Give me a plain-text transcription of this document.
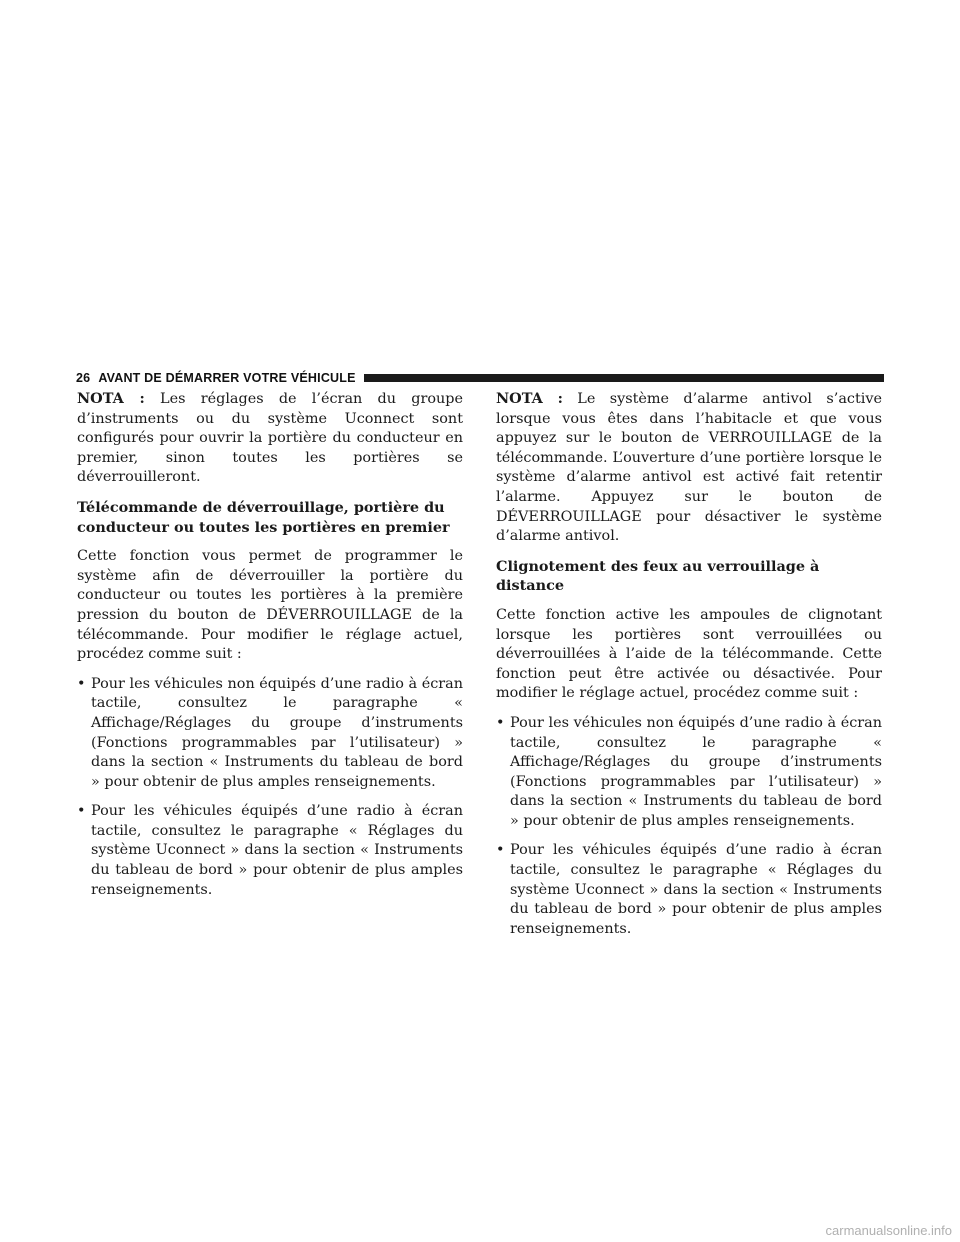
26 AVANT DE DÉMARRER VOTRE VÉHICULE

NOTA : Les réglages de l’écran du groupe d’instruments ou du système Uconnect sont configurés pour ouvrir la portière du conducteur en premier, sinon toutes les portières se déverrouilleront.

Télécommande de déverrouillage, portière du conducteur ou toutes les portières en premier

Cette fonction vous permet de programmer le système afin de déverrouiller la portière du conducteur ou toutes les portières à la première pression du bouton de DÉVERROUILLAGE de la télécommande. Pour modifier le réglage actuel, procédez comme suit :

• Pour les véhicules non équipés d’une radio à écran tactile, consultez le paragraphe « Affichage/Réglages du groupe d’instruments (Fonctions programmables par l’utilisateur) » dans la section « Instruments du tableau de bord » pour obtenir de plus amples renseignements.
• Pour les véhicules équipés d’une radio à écran tactile, consultez le paragraphe « Réglages du système Uconnect » dans la section « Instruments du tableau de bord » pour obtenir de plus amples renseignements.

NOTA : Le système d’alarme antivol s’active lorsque vous êtes dans l’habitacle et que vous appuyez sur le bouton de VERROUILLAGE de la télécommande. L’ouverture d’une portière lorsque le système d’alarme antivol est activé fait retentir l’alarme. Appuyez sur le bouton de DÉVERROUILLAGE pour désactiver le système d’alarme antivol.

Clignotement des feux au verrouillage à distance

Cette fonction active les ampoules de clignotant lorsque les portières sont verrouillées ou déverrouillées à l’aide de la télécommande. Cette fonction peut être activée ou désactivée. Pour modifier le réglage actuel, procédez comme suit :

• Pour les véhicules non équipés d’une radio à écran tactile, consultez le paragraphe « Affichage/Réglages du groupe d’instruments (Fonctions programmables par l’utilisateur) » dans la section « Instruments du tableau de bord » pour obtenir de plus amples renseignements.
• Pour les véhicules équipés d’une radio à écran tactile, consultez le paragraphe « Réglages du système Uconnect » dans la section « Instruments du tableau de bord » pour obtenir de plus amples renseignements.
carmanualsonline.info
